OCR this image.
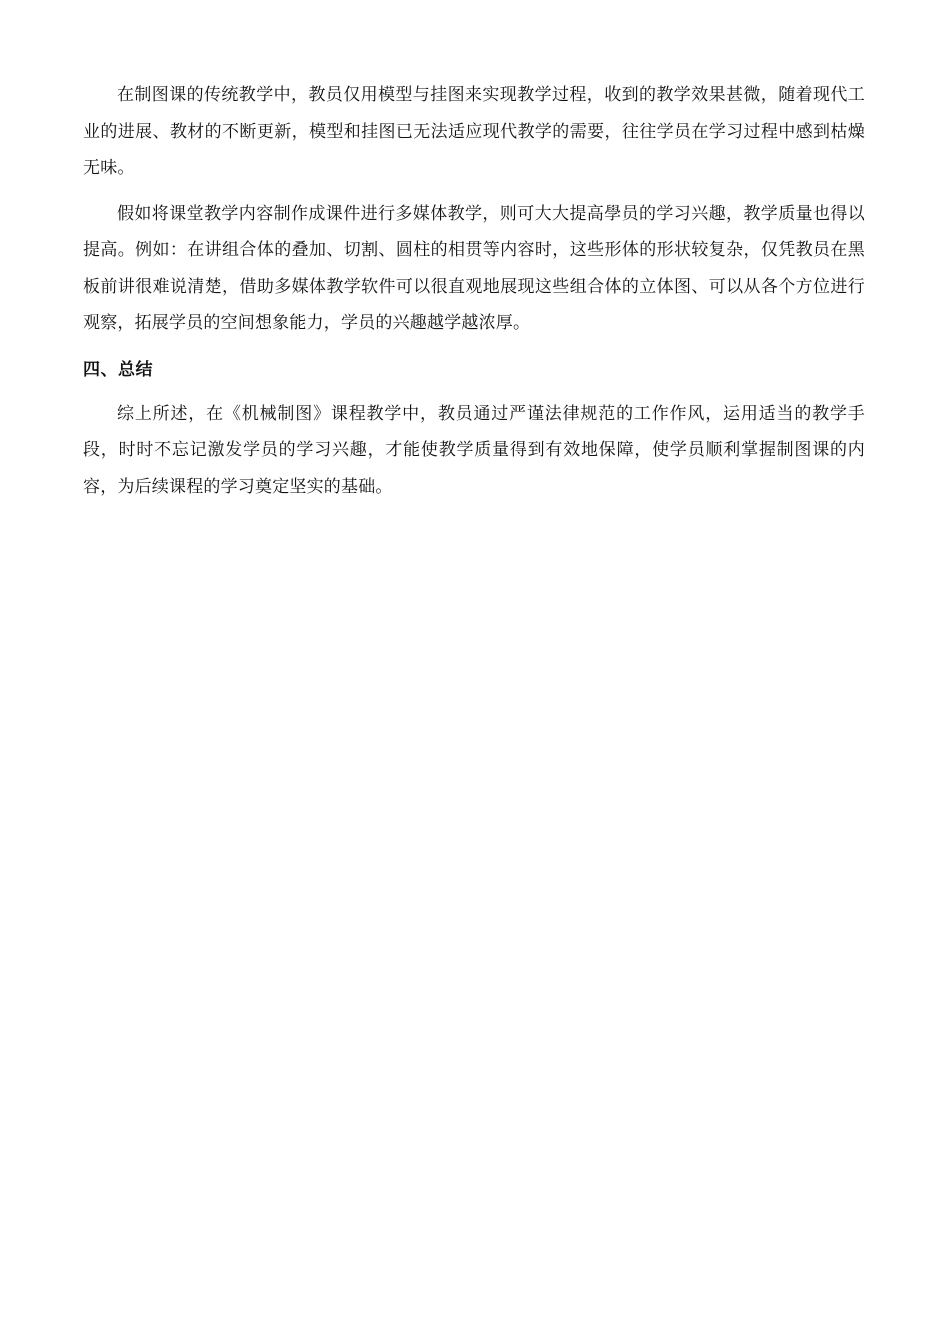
在制图课的传统教学中，教员仅用模型与挂图来实现教学过程，收到的教学效果甚微，随着现代工业的进展、教材的不断更新，模型和挂图已无法适应现代教学的需要，往往学员在学习过程中感到枯燥无味。

假如将课堂教学内容制作成课件进行多媒体教学，则可大大提高學员的学习兴趣，教学质量也得以提高。例如：在讲组合体的叠加、切割、圆柱的相贯等内容时，这些形体的形状较复杂，仅凭教员在黑板前讲很难说清楚，借助多媒体教学软件可以很直观地展现这些组合体的立体图、可以从各个方位进行观察，拓展学员的空间想象能力，学员的兴趣越学越浓厚。

四、总结

综上所述，在《机械制图》课程教学中，教员通过严谨法律规范的工作作风，运用适当的教学手段，时时不忘记激发学员的学习兴趣，才能使教学质量得到有效地保障，使学员顺利掌握制图课的内容，为后续课程的学习奠定坚实的基础。
